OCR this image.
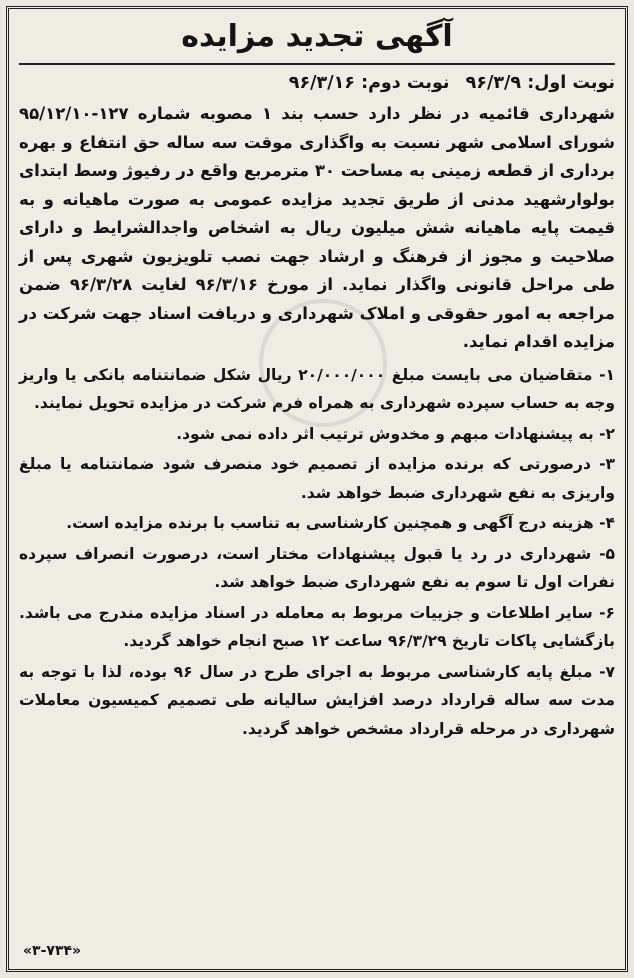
آگهی تجدید مزایده
نوبت اول: ۹۶/۳/۹ نوبت دوم: ۹۶/۳/۱۶

شهرداری قائمیه در نظر دارد حسب بند ۱ مصوبه شماره ۱۲۷-۹۵/۱۲/۱۰ شورای اسلامی شهر نسبت به واگذاری موقت سه ساله حق انتفاع و بهره برداری از قطعه زمینی به مساحت ۳۰ مترمربع واقع در رفیوژ وسط ابتدای بولوارشهید مدنی از طریق تجدید مزایده عمومی به صورت ماهیانه و به قیمت پایه ماهیانه شش میلیون ریال به اشخاص واجدالشرایط و دارای صلاحیت و مجوز از فرهنگ و ارشاد جهت نصب تلویزیون شهری پس از طی مراحل قانونی واگذار نماید. از مورخ ۹۶/۳/۱۶ لغایت ۹۶/۳/۲۸ ضمن مراجعه به امور حقوقی و املاک شهرداری و دریافت اسناد جهت شرکت در مزایده اقدام نماید.

۱- متقاضیان می بایست مبلغ ۲۰/۰۰۰/۰۰۰ ریال شکل ضمانتنامه بانکی یا واریز وجه به حساب سپرده شهرداری به همراه فرم شرکت در مزایده تحویل نمایند.

۲- به پیشنهادات مبهم و مخدوش ترتیب اثر داده نمی شود.

۳- درصورتی که برنده مزایده از تصمیم خود منصرف شود ضمانتنامه یا مبلغ واریزی به نفع شهرداری ضبط خواهد شد.

۴- هزینه درج آگهی و همچنین کارشناسی به تناسب با برنده مزایده است.

۵- شهرداری در رد یا قبول پیشنهادات مختار است، درصورت انصراف سپرده نفرات اول تا سوم به نفع شهرداری ضبط خواهد شد.

۶- سایر اطلاعات و جزییات مربوط به معامله در اسناد مزایده مندرج می باشد. بازگشایی پاکات تاریخ ۹۶/۳/۲۹ ساعت ۱۲ صبح انجام خواهد گردید.

۷- مبلغ پایه کارشناسی مربوط به اجرای طرح در سال ۹۶ بوده، لذا با توجه به مدت سه ساله قرارداد درصد افزایش سالیانه طی تصمیم کمیسیون معاملات شهرداری در مرحله قرارداد مشخص خواهد گردید.

«۳-۷۳۴»
